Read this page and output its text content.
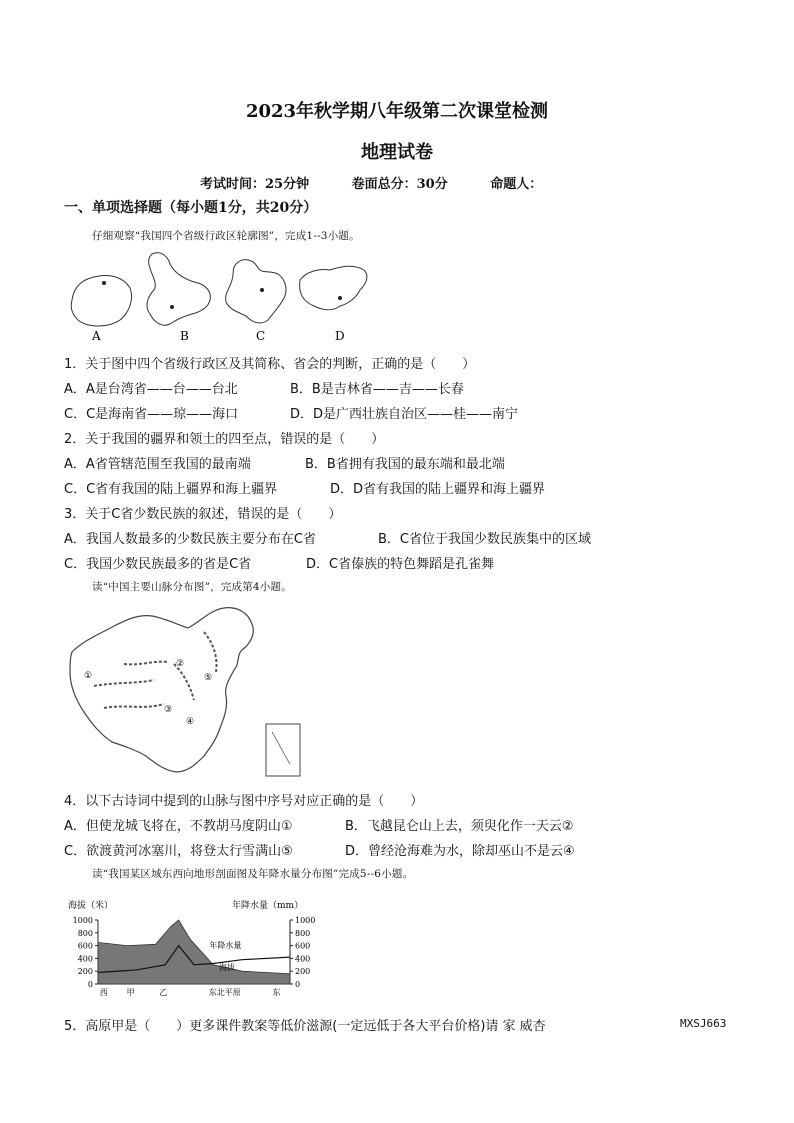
2023年秋学期八年级第二次课堂检测
地理试卷
考试时间：25分钟	卷面总分：30分	命题人：
一、单项选择题（每小题1分，共20分）
仔细观察“我国四个省级行政区轮廓图”，完成1--3小题。
A	B	C	D
1．关于图中四个省级行政区及其简称、省会的判断，正确的是（　　）
A．A是台湾省——台——台北	B．B是吉林省——吉——长春
C．C是海南省——琼——海口	D．D是广西壮族自治区——桂——南宁
2．关于我国的疆界和领土的四至点，错误的是（　　）
A．A省管辖范围至我国的最南端	B．B省拥有我国的最东端和最北端
C．C省有我国的陆上疆界和海上疆界	D．D省有我国的陆上疆界和海上疆界
3．关于C省少数民族的叙述，错误的是（　　）
A．我国人数最多的少数民族主要分布在C省	B．C省位于我国少数民族集中的区域
C．我国少数民族最多的省是C省	D．C省傣族的特色舞蹈是孔雀舞
读“中国主要山脉分布图”，完成第4小题。
①
②
③
④
⑤
4．以下古诗词中提到的山脉与图中序号对应正确的是（　　）
A．但使龙城飞将在，不教胡马度阴山①	B．飞越昆仑山上去，须臾化作一天云②
C．欲渡黄河冰塞川，将登太行雪满山⑤	D．曾经沧海难为水，除却巫山不是云④
读“我国某区域东西向地形剖面图及年降水量分布图”完成5--6小题。
海拔（米）	年降水量（mm）
0	0
200	200
400	400
600	600
800	800
1000	1000
年降水量
海拔
西 甲	乙	东北平原	东
5．高原甲是（　　）更多课件教案等低价滋源(一定远低于各大平台价格)请 家 威杏	MXSJ663
